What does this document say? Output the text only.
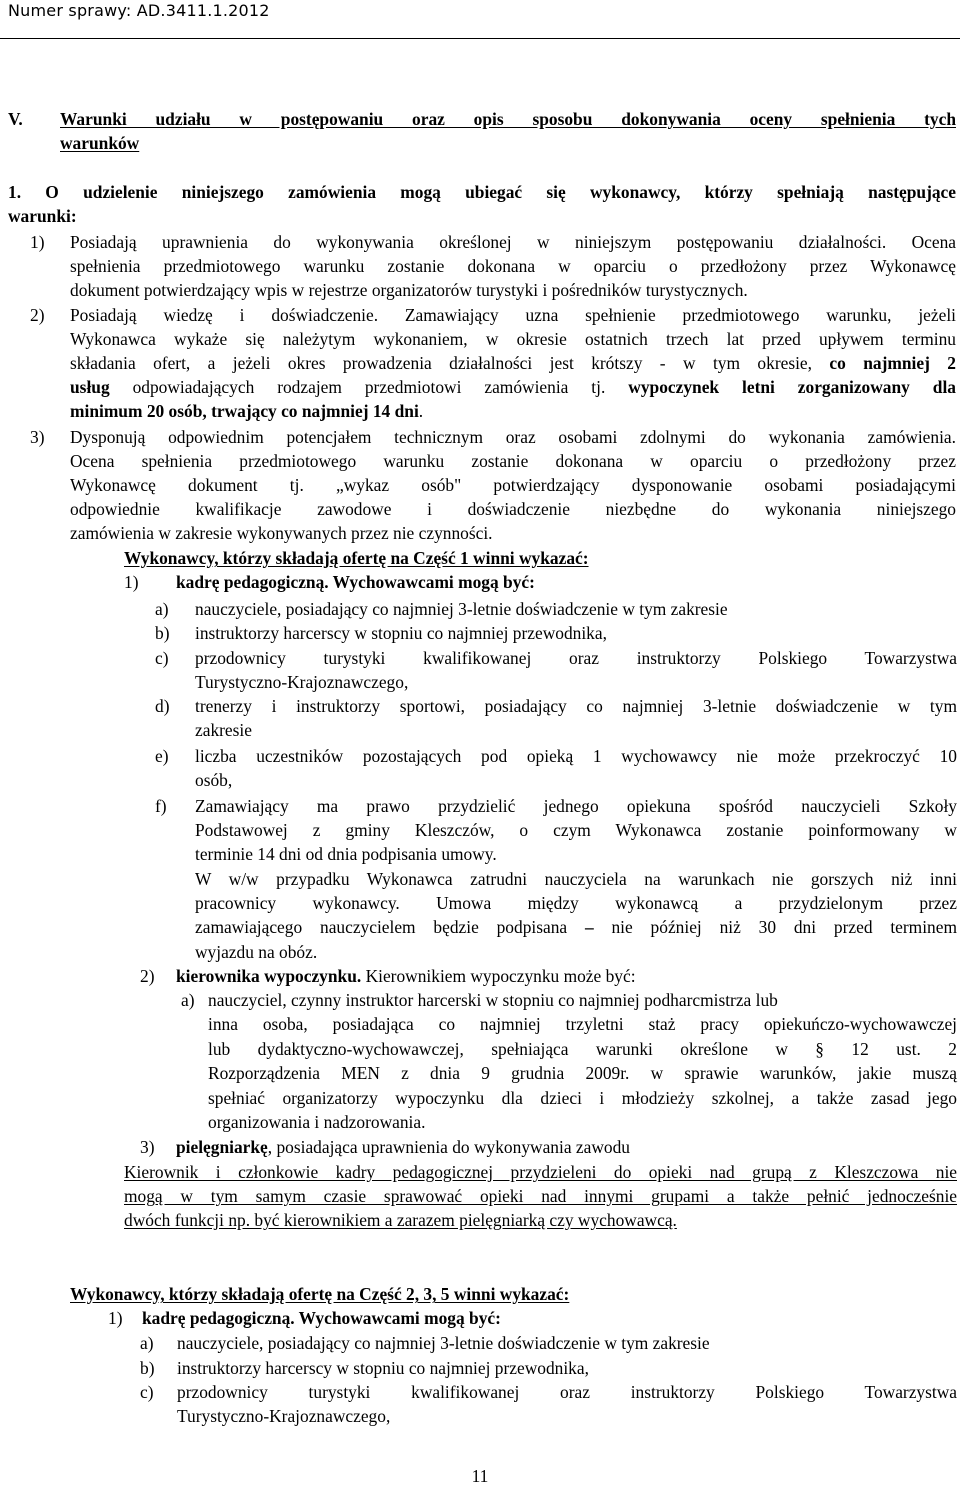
Numer sprawy: AD.3411.1.2012
V. Warunki udziału w postępowaniu oraz opis sposobu dokonywania oceny spełnienia tych
warunków
1. O udzielenie niniejszego zamówienia mogą ubiegać się wykonawcy, którzy spełniają następujące
warunki:
1) Posiadają uprawnienia do wykonywania określonej w niniejszym postępowaniu działalności. Ocena
spełnienia przedmiotowego warunku zostanie dokonana w oparciu o przedłożony przez Wykonawcę
dokument potwierdzający wpis w rejestrze organizatorów turystyki i pośredników turystycznych.
2) Posiadają wiedzę i doświadczenie. Zamawiający uzna spełnienie przedmiotowego warunku, jeżeli
Wykonawca wykaże się należytym wykonaniem, w okresie ostatnich trzech lat przed upływem terminu
składania ofert, a jeżeli okres prowadzenia działalności jest krótszy - w tym okresie, co najmniej 2
usług odpowiadających rodzajem przedmiotowi zamówienia tj. wypoczynek letni zorganizowany dla
minimum 20 osób, trwający co najmniej 14 dni.
3) Dysponują odpowiednim potencjałem technicznym oraz osobami zdolnymi do wykonania zamówienia.
Ocena spełnienia przedmiotowego warunku zostanie dokonana w oparciu o przedłożony przez
Wykonawcę dokument tj. „wykaz osób" potwierdzający dysponowanie osobami posiadającymi
odpowiednie kwalifikacje zawodowe i doświadczenie niezbędne do wykonania niniejszego
zamówienia w zakresie wykonywanych przez nie czynności.
Wykonawcy, którzy składają ofertę na Część 1 winni wykazać:
1) kadrę pedagogiczną. Wychowawcami mogą być:
a) nauczyciele, posiadający co najmniej 3-letnie doświadczenie w tym zakresie
b) instruktorzy harcerscy w stopniu co najmniej przewodnika,
c) przodownicy turystyki kwalifikowanej oraz instruktorzy Polskiego Towarzystwa
Turystyczno-Krajoznawczego,
d) trenerzy i instruktorzy sportowi, posiadający co najmniej 3-letnie doświadczenie w tym
zakresie
e) liczba uczestników pozostających pod opieką 1 wychowawcy nie może przekroczyć 10
osób,
f) Zamawiający ma prawo przydzielić jednego opiekuna spośród nauczycieli Szkoły
Podstawowej z gminy Kleszczów, o czym Wykonawca zostanie poinformowany w
terminie 14 dni od dnia podpisania umowy.
W w/w przypadku Wykonawca zatrudni nauczyciela na warunkach nie gorszych niż inni
pracownicy wykonawcy. Umowa między wykonawcą a przydzielonym przez
zamawiającego nauczycielem będzie podpisana – nie później niż 30 dni przed terminem
wyjazdu na obóz.
2) kierownika wypoczynku. Kierownikiem wypoczynku może być:
a) nauczyciel, czynny instruktor harcerski w stopniu co najmniej podharcmistrza lub
inna osoba, posiadająca co najmniej trzyletni staż pracy opiekuńczo-wychowawczej
lub dydaktyczno-wychowawczej, spełniająca warunki określone w § 12 ust. 2
Rozporządzenia MEN z dnia 9 grudnia 2009r. w sprawie warunków, jakie muszą
spełniać organizatorzy wypoczynku dla dzieci i młodzieży szkolnej, a także zasad jego
organizowania i nadzorowania.
3) pielęgniarkę, posiadająca uprawnienia do wykonywania zawodu
Kierownik i członkowie kadry pedagogicznej przydzieleni do opieki nad grupą z Kleszczowa nie
mogą w tym samym czasie sprawować opieki nad innymi grupami a także pełnić jednocześnie
dwóch funkcji np. być kierownikiem a zarazem pielęgniarką czy wychowawcą.
Wykonawcy, którzy składają ofertę na Część 2, 3, 5 winni wykazać:
1) kadrę pedagogiczną. Wychowawcami mogą być:
a) nauczyciele, posiadający co najmniej 3-letnie doświadczenie w tym zakresie
b) instruktorzy harcerscy w stopniu co najmniej przewodnika,
c) przodownicy turystyki kwalifikowanej oraz instruktorzy Polskiego Towarzystwa
Turystyczno-Krajoznawczego,
11
